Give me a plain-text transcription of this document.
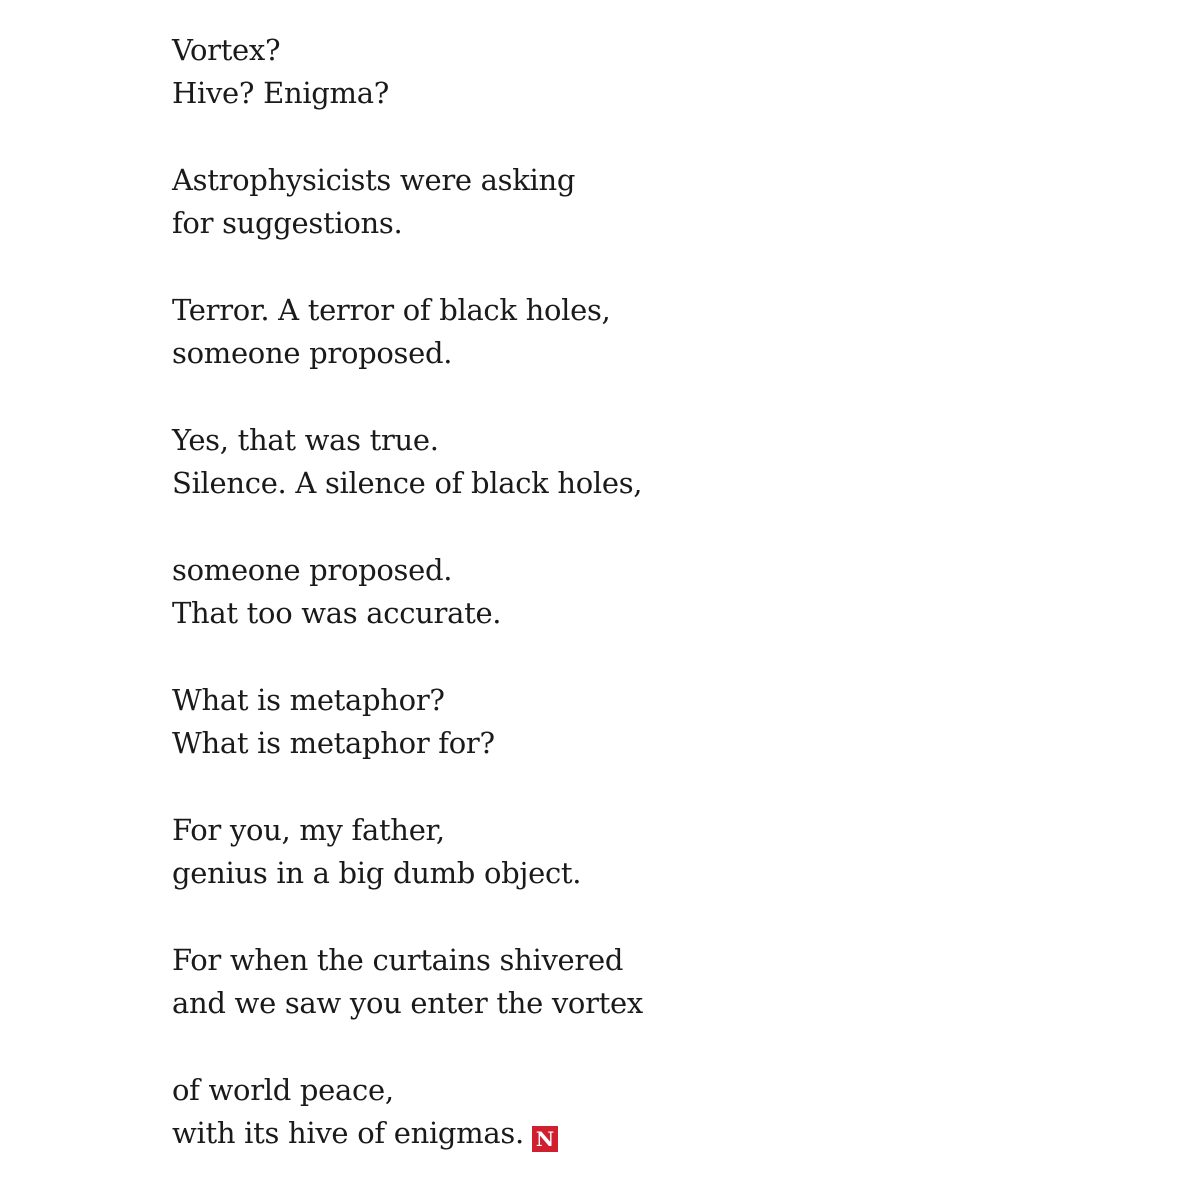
Vortex?
Hive? Enigma?
Astrophysicists were asking
for suggestions.
Terror. A terror of black holes,
someone proposed.
Yes, that was true.
Silence. A silence of black holes,
someone proposed.
That too was accurate.
What is metaphor?
What is metaphor for?
For you, my father,
genius in a big dumb object.
For when the curtains shivered
and we saw you enter the vortex
of world peace,
with its hive of enigmas. N
